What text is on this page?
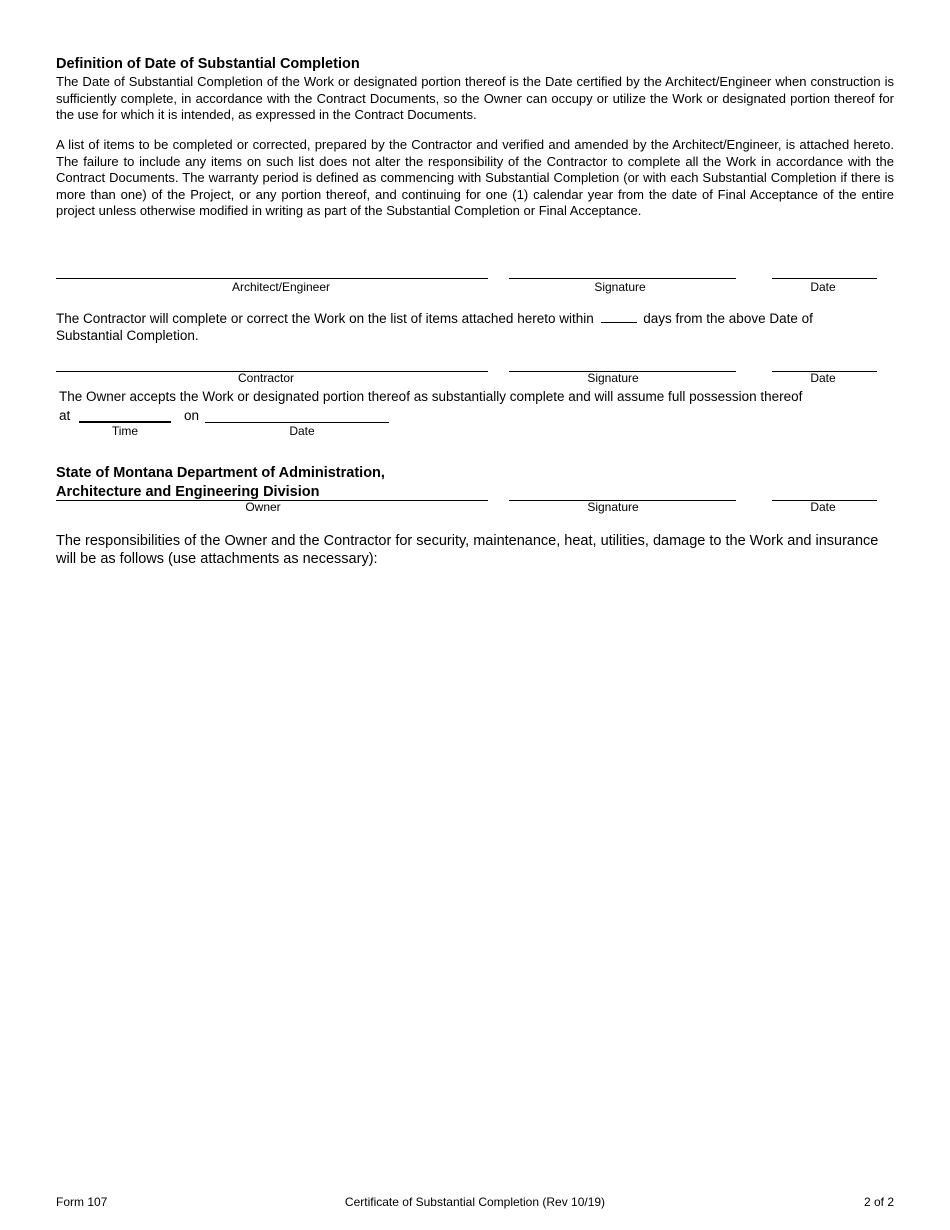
Definition of Date of Substantial Completion
The Date of Substantial Completion of the Work or designated portion thereof is the Date certified by the Architect/Engineer when construction is sufficiently complete, in accordance with the Contract Documents, so the Owner can occupy or utilize the Work or designated portion thereof for the use for which it is intended, as expressed in the Contract Documents.
A list of items to be completed or corrected, prepared by the Contractor and verified and amended by the Architect/Engineer, is attached hereto. The failure to include any items on such list does not alter the responsibility of the Contractor to complete all the Work in accordance with the Contract Documents. The warranty period is defined as commencing with Substantial Completion (or with each Substantial Completion if there is more than one) of the Project, or any portion thereof, and continuing for one (1) calendar year from the date of Final Acceptance of the entire project unless otherwise modified in writing as part of the Substantial Completion or Final Acceptance.
Architect/Engineer	Signature	Date
The Contractor will complete or correct the Work on the list of items attached hereto within	days from the above Date of Substantial Completion.
Contractor	Signature	Date
The Owner accepts the Work or designated portion thereof as substantially complete and will assume full possession thereof
at	on
Time	Date
State of Montana Department of Administration,
Architecture and Engineering Division
Owner	Signature	Date
The responsibilities of the Owner and the Contractor for security, maintenance, heat, utilities, damage to the Work and insurance will be as follows (use attachments as necessary):
Form 107	Certificate of Substantial Completion (Rev 10/19)	2 of 2
